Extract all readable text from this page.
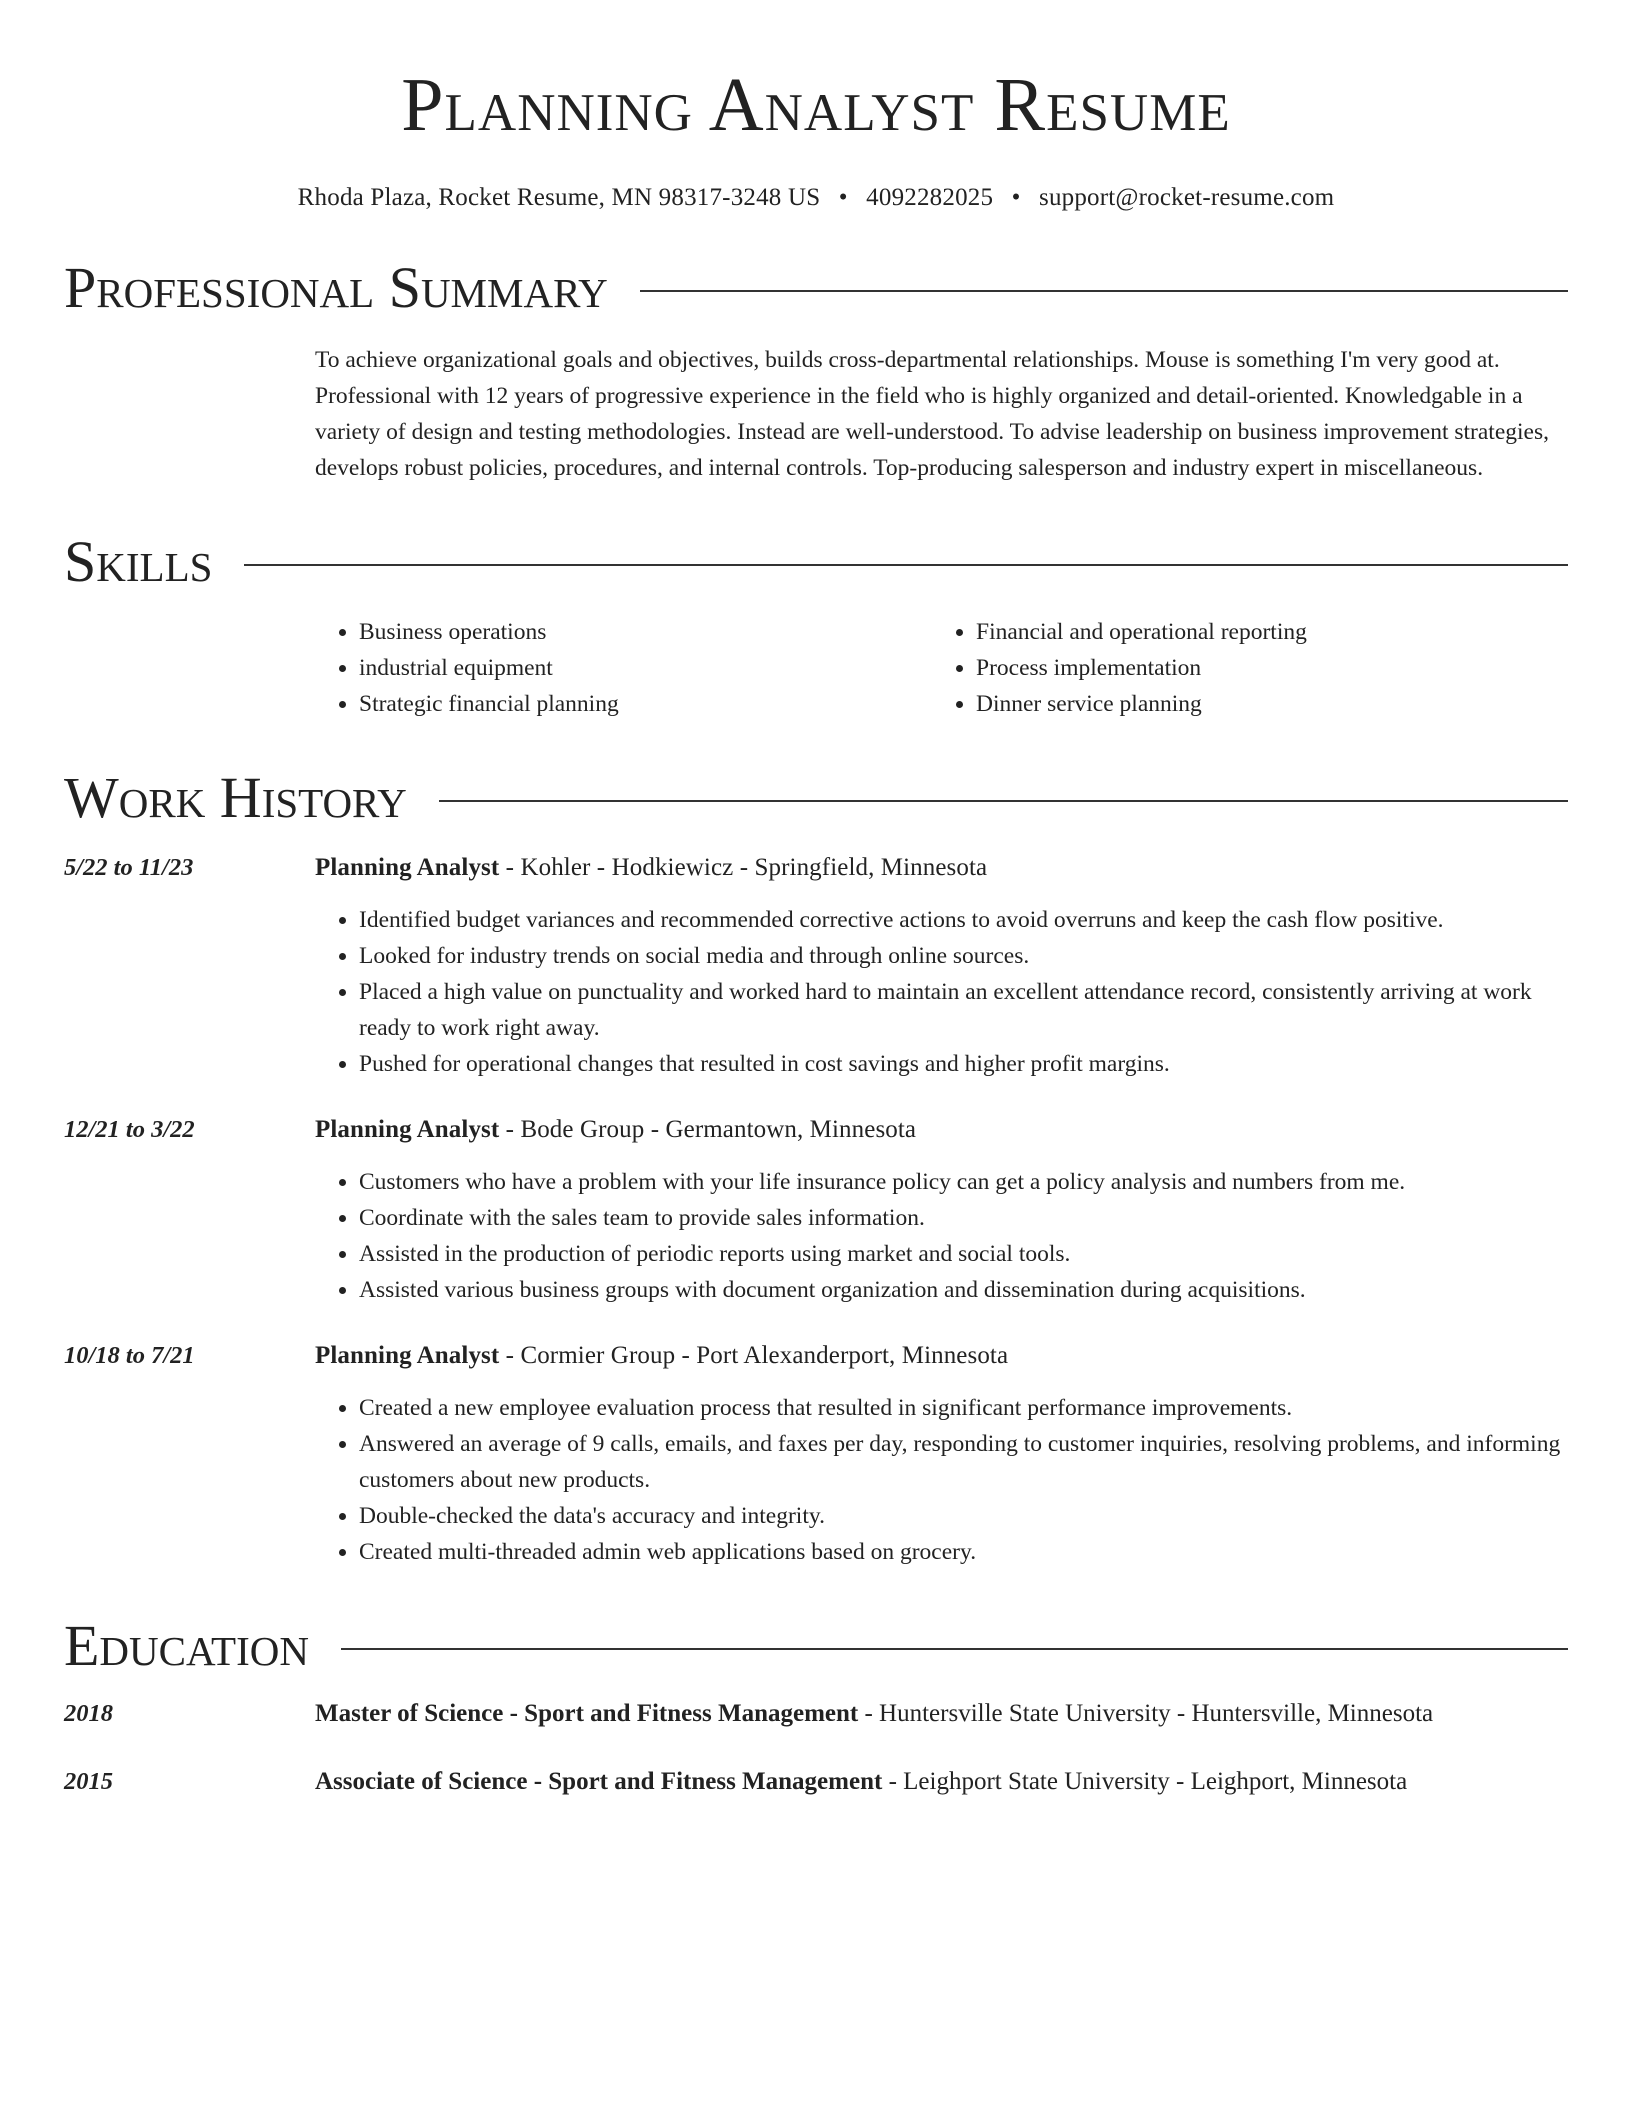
Planning Analyst Resume
Rhoda Plaza, Rocket Resume, MN 98317-3248 US • 4092282025 • support@rocket-resume.com
Professional Summary
To achieve organizational goals and objectives, builds cross-departmental relationships. Mouse is something I'm very good at. Professional with 12 years of progressive experience in the field who is highly organized and detail-oriented. Knowledgable in a variety of design and testing methodologies. Instead are well-understood. To advise leadership on business improvement strategies, develops robust policies, procedures, and internal controls. Top-producing salesperson and industry expert in miscellaneous.
Skills
• Business operations
• industrial equipment
• Strategic financial planning
• Financial and operational reporting
• Process implementation
• Dinner service planning
Work History
5/22 to 11/23	Planning Analyst - Kohler - Hodkiewicz - Springfield, Minnesota
• Identified budget variances and recommended corrective actions to avoid overruns and keep the cash flow positive.
• Looked for industry trends on social media and through online sources.
• Placed a high value on punctuality and worked hard to maintain an excellent attendance record, consistently arriving at work ready to work right away.
• Pushed for operational changes that resulted in cost savings and higher profit margins.
12/21 to 3/22	Planning Analyst - Bode Group - Germantown, Minnesota
• Customers who have a problem with your life insurance policy can get a policy analysis and numbers from me.
• Coordinate with the sales team to provide sales information.
• Assisted in the production of periodic reports using market and social tools.
• Assisted various business groups with document organization and dissemination during acquisitions.
10/18 to 7/21	Planning Analyst - Cormier Group - Port Alexanderport, Minnesota
• Created a new employee evaluation process that resulted in significant performance improvements.
• Answered an average of 9 calls, emails, and faxes per day, responding to customer inquiries, resolving problems, and informing customers about new products.
• Double-checked the data's accuracy and integrity.
• Created multi-threaded admin web applications based on grocery.
Education
2018	Master of Science - Sport and Fitness Management - Huntersville State University - Huntersville, Minnesota
2015	Associate of Science - Sport and Fitness Management - Leighport State University - Leighport, Minnesota
